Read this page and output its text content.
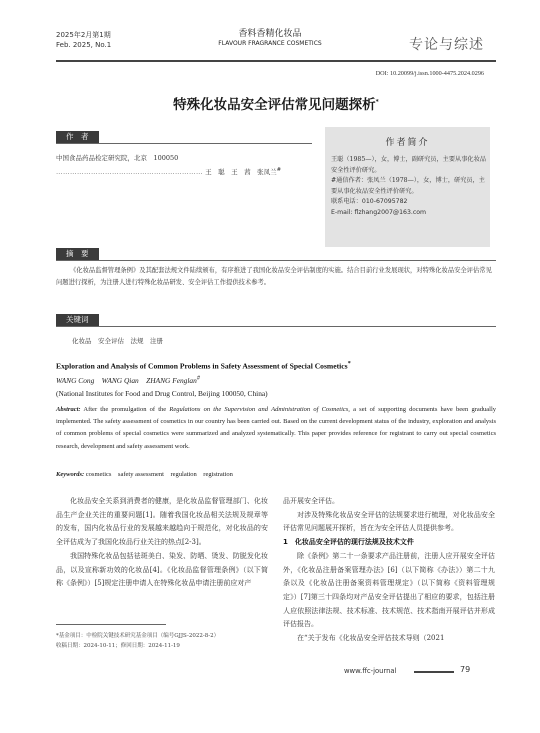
2025年2月第1期
Feb. 2025, No.1
香料香精化妆品
FLAVOUR FRAGRANCE COSMETICS	专论与综述
DOI: 10.20099/j.issn.1000-4475.2024.0296
特殊化妆品安全评估常见问题探析*
作　者
中国食品药品检定研究院，北京　100050
……………………………………………………… 王　聪　王　茜　张凤兰#
作者简介
王聪（1985—），女，博士，副研究员，主要从事化妆品安全性评价研究。
#通信作者：张凤兰（1978—），女，博士，研究员，主要从事化妆品安全性评价研究。
联系电话：010-67095782
E-mail: flzhang2007@163.com
摘　要
《化妆品监督管理条例》及其配套法规文件陆续颁布，有序推进了我国化妆品安全评估制度的实施。结合目前行业发展现状，对特殊化妆品安全评估常见问题进行探析，为注册人进行特殊化妆品研发、安全评估工作提供技术参考。
关键词
化妆品　安全评估　法规　注册
Exploration and Analysis of Common Problems in Safety Assessment of Special Cosmetics*
WANG Cong　WANG Qian　ZHANG Fenglan#
(National Institutes for Food and Drug Control, Beijing 100050, China)
Abstract: After the promulgation of the Regulations on the Supervision and Administration of Cosmetics, a set of supporting documents have been gradually implemented. The safety assessment of cosmetics in our country has been carried out. Based on the current development status of the industry, exploration and analysis of common problems of special cosmetics were summarized and analyzed systematically. This paper provides reference for registrant to carry out special cosmetics research, development and safety assessment work.
Keywords: cosmetics　safety assessment　regulation　registration

化妆品安全关系到消费者的健康，是化妆品监督管理部门、化妆品生产企业关注的重要问题[1]。随着我国化妆品相关法规及规章等的发布，国内化妆品行业的发展越来越趋向于规范化，对化妆品的安全评估成为了我国化妆品行业关注的热点[2-3]。

我国特殊化妆品包括祛斑美白、染发、防晒、烫发、防脱发化妆品，以及宣称新功效的化妆品[4]。《化妆品监督管理条例》（以下简称《条例》）[5]规定注册申请人在特殊化妆品申请注册前应对产

品开展安全评估。

对涉及特殊化妆品安全评估的法规要求进行梳理，对化妆品安全评估常见问题展开探析，旨在为安全评估人员提供参考。

1　化妆品安全评估的现行法规及技术文件

除《条例》第二十一条要求产品注册前，注册人应开展安全评估外，《化妆品注册备案管理办法》[6]（以下简称《办法》）第二十九条以及《化妆品注册备案资料管理规定》（以下简称《资料管理规定》）[7]第三十四条均对产品安全评估提出了相应的要求，包括注册人应依照法律法规、技术标准、技术规范、技术指南开展评估并形成评估报告。

在“关于发布《化妆品安全评估技术导则（2021

*基金项目：中检院关键技术研究基金项目（编号GJJS-2022-8-2）
收稿日期：2024-10-11；修回日期：2024-11-19
www.ffc-journal	79
